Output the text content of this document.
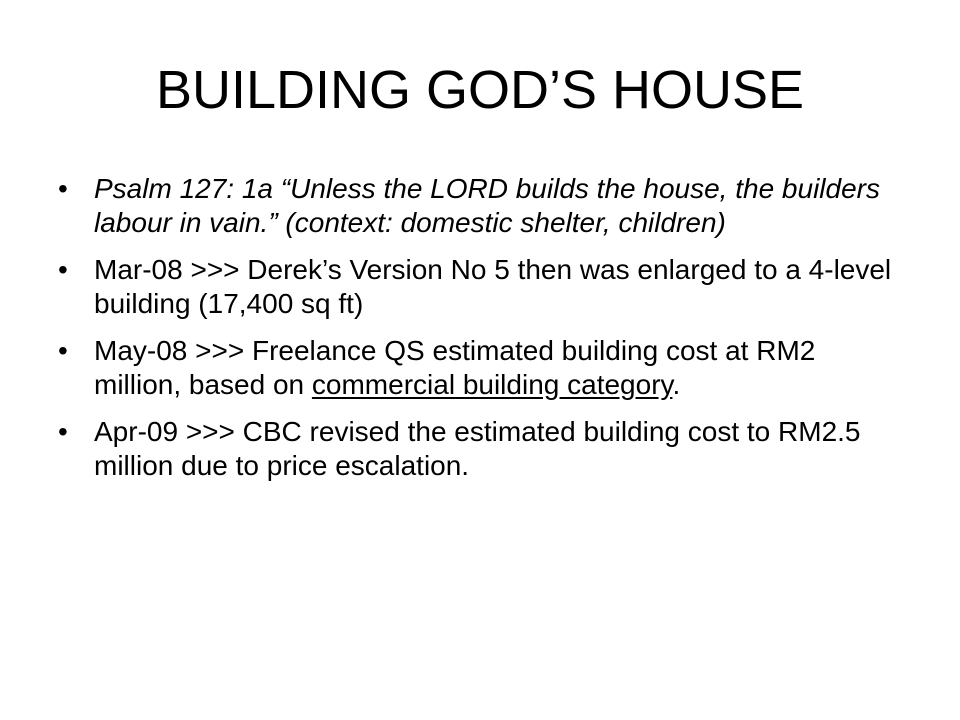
BUILDING GOD’S HOUSE
• Psalm 127: 1a “Unless the LORD builds the house, the builders labour in vain.” (context: domestic shelter, children)
• Mar-08 >>> Derek’s Version No 5 then was enlarged to a 4-level building (17,400 sq ft)
• May-08 >>> Freelance QS estimated building cost at RM2 million, based on commercial building category.
• Apr-09 >>> CBC revised the estimated building cost to RM2.5 million due to price escalation.
